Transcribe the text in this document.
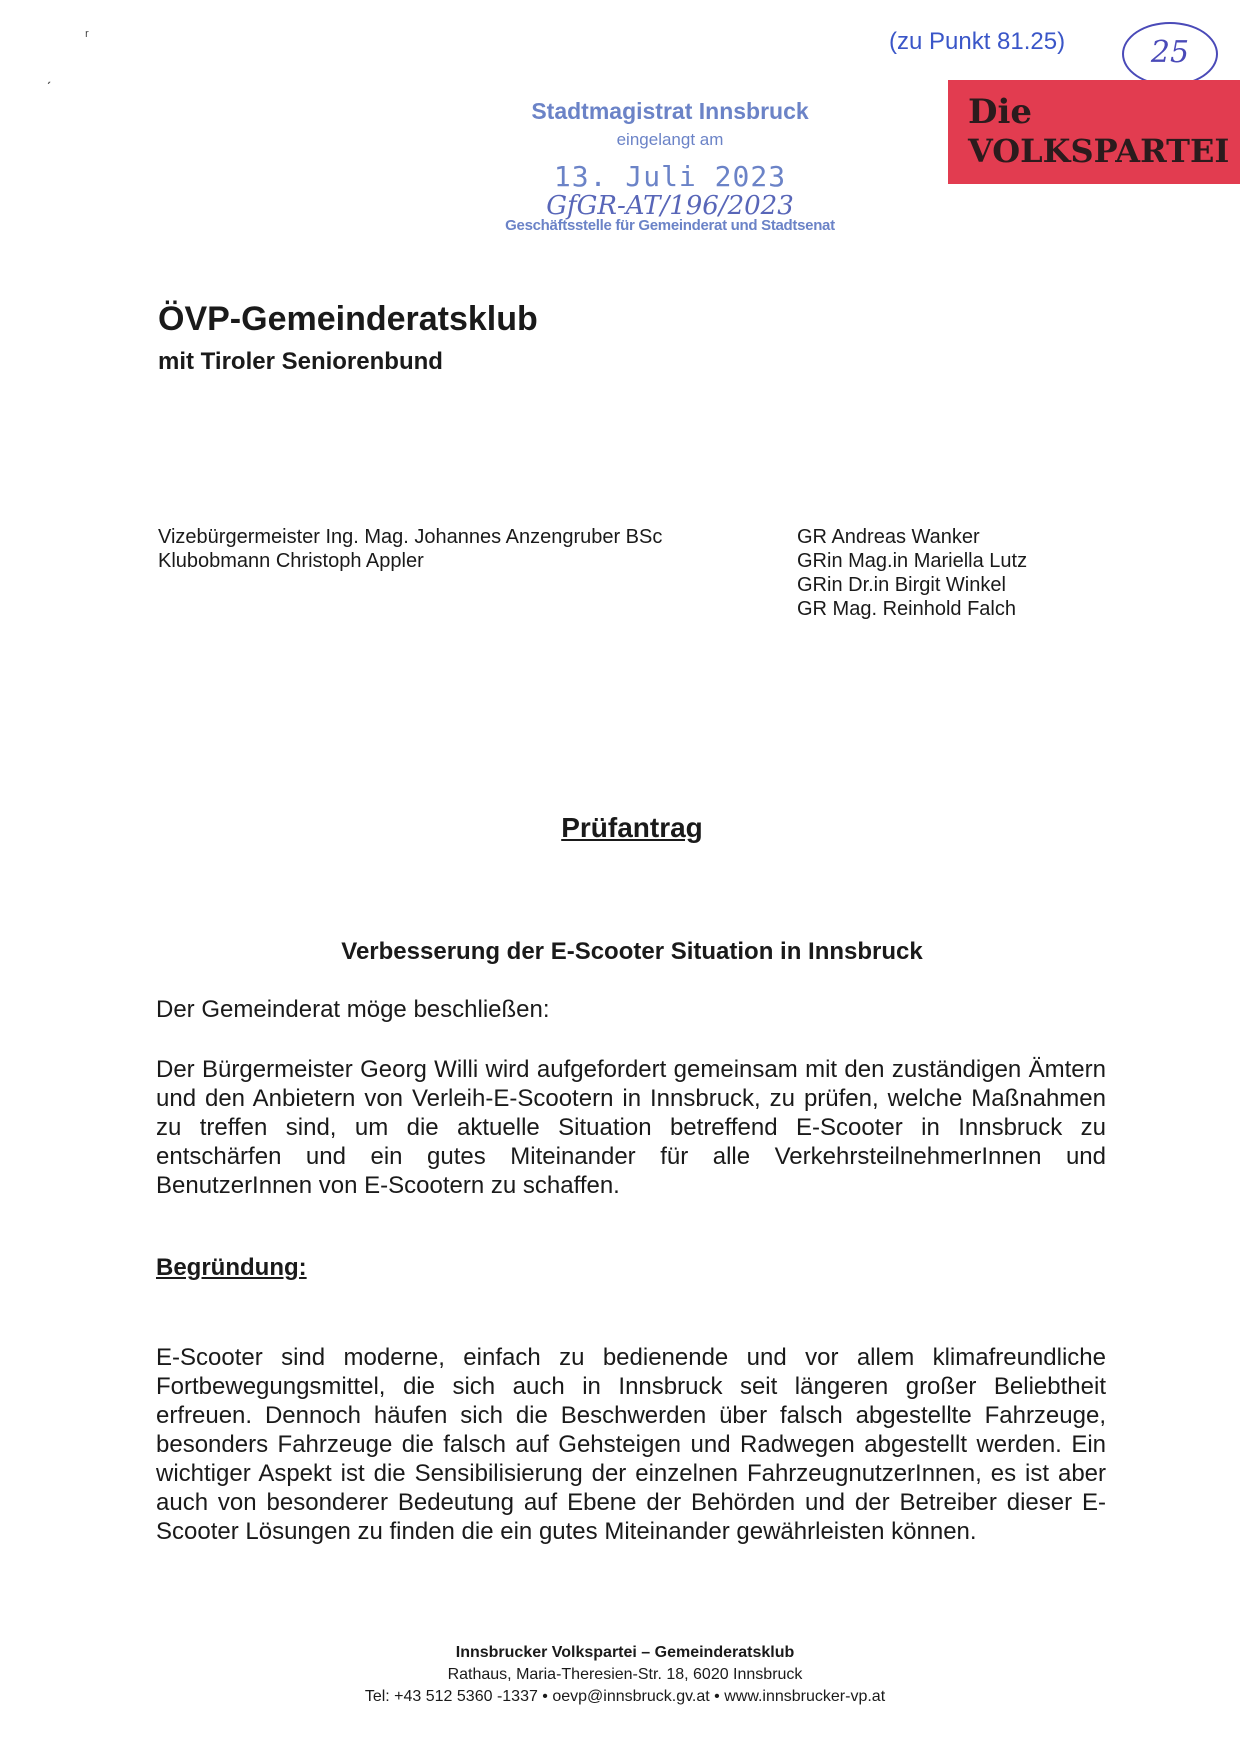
ʳ
ˏ
(zu Punkt 81.25)	25
Die
VOLKSPARTEI
Stadtmagistrat Innsbruck
eingelangt am
13. Juli 2023
GfGR-AT/196/2023
Geschäftsstelle für Gemeinderat und Stadtsenat
ÖVP-Gemeinderatsklub
mit Tiroler Seniorenbund
Vizebürgermeister Ing. Mag. Johannes Anzengruber BSc
Klubobmann Christoph Appler
GR Andreas Wanker
GRin Mag.in Mariella Lutz
GRin Dr.in Birgit Winkel
GR Mag. Reinhold Falch
Prüfantrag
Verbesserung der E-Scooter Situation in Innsbruck
Der Gemeinderat möge beschließen:
Der Bürgermeister Georg Willi wird aufgefordert gemeinsam mit den zuständigen Ämtern und den Anbietern von Verleih-E-Scootern in Innsbruck, zu prüfen, welche Maßnahmen zu treffen sind, um die aktuelle Situation betreffend E-Scooter in Innsbruck zu entschärfen und ein gutes Miteinander für alle VerkehrsteilnehmerInnen und BenutzerInnen von E-Scootern zu schaffen.
Begründung:
E-Scooter sind moderne, einfach zu bedienende und vor allem klimafreundliche Fortbewegungsmittel, die sich auch in Innsbruck seit längeren großer Beliebtheit erfreuen. Dennoch häufen sich die Beschwerden über falsch abgestellte Fahrzeuge, besonders Fahrzeuge die falsch auf Gehsteigen und Radwegen abgestellt werden. Ein wichtiger Aspekt ist die Sensibilisierung der einzelnen FahrzeugnutzerInnen, es ist aber auch von besonderer Bedeutung auf Ebene der Behörden und der Betreiber dieser E-Scooter Lösungen zu finden die ein gutes Miteinander gewährleisten können.
Innsbrucker Volkspartei – Gemeinderatsklub
Rathaus, Maria-Theresien-Str. 18, 6020 Innsbruck
Tel: +43 512 5360 -1337 • oevp@innsbruck.gv.at • www.innsbrucker-vp.at
